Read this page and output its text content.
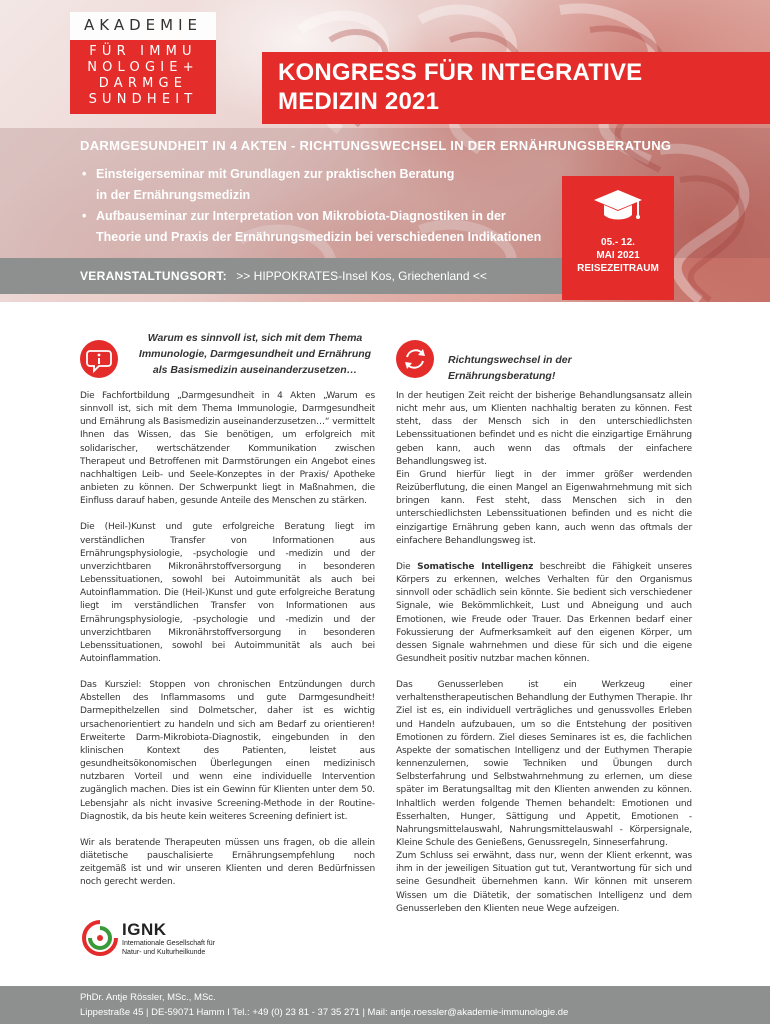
AKADEMIE
FÜR IMMU
NOLOGIE+
DARMGE
SUNDHEIT
KONGRESS FÜR INTEGRATIVE
MEDIZIN 2021
DARMGESUNDHEIT IN 4 AKTEN - RICHTUNGSWECHSEL IN DER ERNÄHRUNGSBERATUNG
• Einsteigerseminar mit Grundlagen zur praktischen Beratung
in der Ernährungsmedizin
• Aufbauseminar zur Interpretation von Mikrobiota-Diagnostiken in der
Theorie und Praxis der Ernährungsmedizin bei verschiedenen Indikationen	05.- 12.
MAI 2021
REISEZEITRAUM
VERANSTALTUNGSORT: >> HIPPOKRATES-Insel Kos, Griechenland <<
Warum es sinnvoll ist, sich mit dem Thema
Immunologie, Darmgesundheit und Ernährung
als Basismedizin auseinanderzusetzen…

Die Fachfortbildung „Darmgesundheit in 4 Akten „Warum es sinnvoll ist, sich mit dem Thema Immunologie, Darmgesundheit und Ernährung als Basismedizin auseinanderzusetzen…“ vermittelt Ihnen das Wissen, das Sie benötigen, um erfolgreich mit solidarischer, wertschätzender Kommunikation zwischen Therapeut und Betroffenen mit Darmstörungen ein Angebot eines nachhaltigen Leib- und Seele-Konzeptes in der Praxis/ Apotheke anbieten zu können. Der Schwerpunkt liegt in Maßnahmen, die Einfluss darauf haben, gesunde Anteile des Menschen zu stärken.

Die (Heil-)Kunst und gute erfolgreiche Beratung liegt im verständlichen Transfer von Informationen aus Ernährungsphysiologie, -psychologie und -medizin und der unverzichtbaren Mikronährstoffversorgung in besonderen Lebenssituationen, sowohl bei Autoimmunität als auch bei Autoinflammation. Die (Heil-)Kunst und gute erfolgreiche Beratung liegt im verständlichen Transfer von Informationen aus Ernährungsphysiologie, -psychologie und -medizin und der unverzichtbaren Mikronährstoffversorgung in besonderen Lebenssituationen, sowohl bei Autoimmunität als auch bei Autoinflammation.

Das Kursziel: Stoppen von chronischen Entzündungen durch Abstellen des Inflammasoms und gute Darmgesundheit! Darmepithelzellen sind Dolmetscher, daher ist es wichtig ursachenorientiert zu handeln und sich am Bedarf zu orientieren! Erweiterte Darm-Mikrobiota-Diagnostik, eingebunden in den klinischen Kontext des Patienten, leistet aus gesundheitsökonomischen Überlegungen einen medizinisch nutzbaren Vorteil und wenn eine individuelle Intervention zugänglich machen. Dies ist ein Gewinn für Klienten unter dem 50. Lebensjahr als nicht invasive Screening-Methode in der Routine-Diagnostik, da bis heute kein weiteres Screening definiert ist.

Wir als beratende Therapeuten müssen uns fragen, ob die allein diätetische pauschalisierte Ernährungsempfehlung noch zeitgemäß ist und wir unseren Klienten und deren Bedürfnissen noch gerecht werden.

Richtungswechsel in der
Ernährungsberatung!

In der heutigen Zeit reicht der bisherige Behandlungsansatz allein nicht mehr aus, um Klienten nachhaltig beraten zu können. Fest steht, dass der Mensch sich in den unterschiedlichsten Lebenssituationen befindet und es nicht die einzigartige Ernährung geben kann, auch wenn das oftmals der einfachere Behandlungsweg ist.

Ein Grund hierfür liegt in der immer größer werdenden Reizüberflutung, die einen Mangel an Eigenwahrnehmung mit sich bringen kann. Fest steht, dass Menschen sich in den unterschiedlichsten Lebenssituationen befinden und es nicht die einzigartige Ernährung geben kann, auch wenn das oftmals der einfachere Behandlungsweg ist.

Die Somatische Intelligenz beschreibt die Fähigkeit unseres Körpers zu erkennen, welches Verhalten für den Organismus sinnvoll oder schädlich sein könnte. Sie bedient sich verschiedener Signale, wie Bekömmlichkeit, Lust und Abneigung und auch Emotionen, wie Freude oder Trauer. Das Erkennen bedarf einer Fokussierung der Aufmerksamkeit auf den eigenen Körper, um dessen Signale wahrnehmen und diese für sich und die eigene Gesundheit positiv nutzbar machen können.

Das Genusserleben ist ein Werkzeug einer verhaltenstherapeutischen Behandlung der Euthymen Therapie. Ihr Ziel ist es, ein individuell verträgliches und genussvolles Erleben und Handeln aufzubauen, um so die Entstehung der positiven Emotionen zu fördern. Ziel dieses Seminares ist es, die fachlichen Aspekte der somatischen Intelligenz und der Euthymen Therapie kennenzulernen, sowie Techniken und Übungen durch Selbsterfahrung und Selbstwahrnehmung zu erlernen, um diese später im Beratungsalltag mit den Klienten anwenden zu können. Inhaltlich werden folgende Themen behandelt: Emotionen und Esserhalten, Hunger, Sättigung und Appetit, Emotionen - Nahrungsmittelauswahl, Nahrungsmittelauswahl - Körpersignale, Kleine Schule des Genießens, Genussregeln, Sinneserfahrung.

Zum Schluss sei erwähnt, dass nur, wenn der Klient erkennt, was ihm in der jeweiligen Situation gut tut, Verantwortung für sich und seine Gesundheit übernehmen kann. Wir können mit unserem Wissen um die Diätetik, der somatischen Intelligenz und dem Genusserleben den Klienten neue Wege aufzeigen.

IGNK
Internationale Gesellschaft für
Natur- und Kulturheilkunde
PhDr. Antje Rössler, MSc., MSc.
Lippestraße 45 | DE-59071 Hamm I Tel.: +49 (0) 23 81 - 37 35 271 | Mail: antje.roessler@akademie-immunologie.de
